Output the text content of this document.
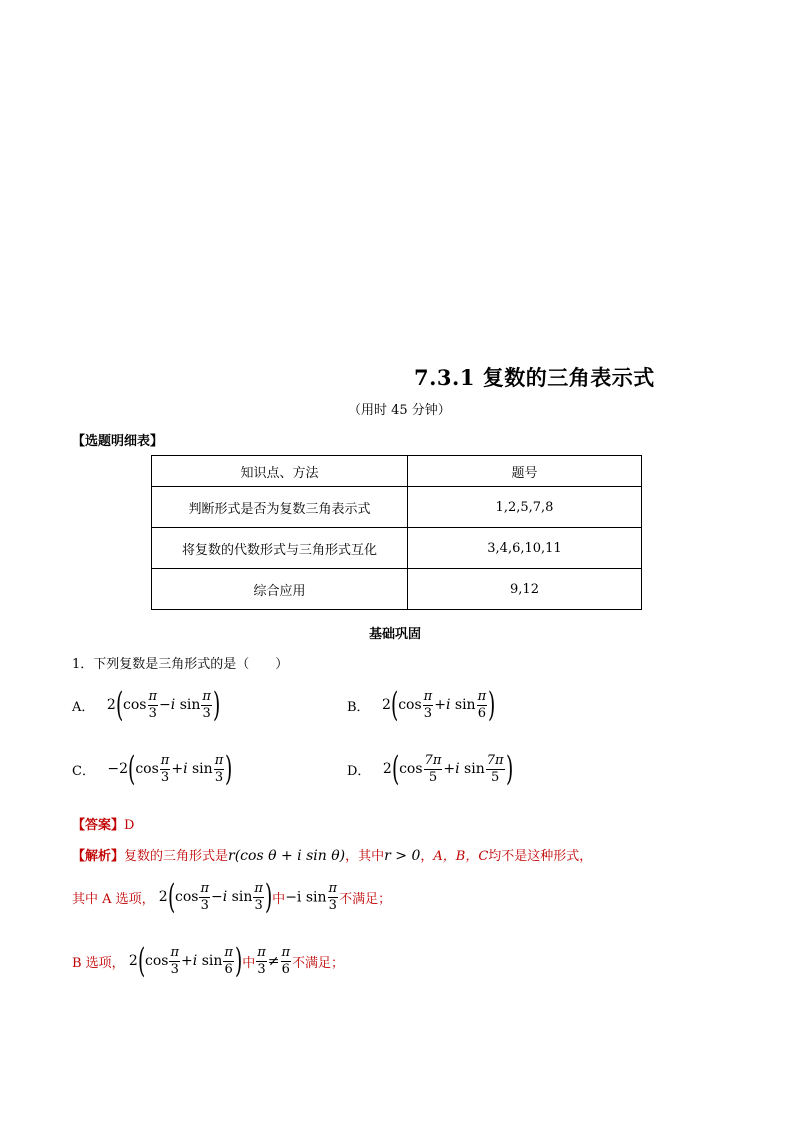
7.3.1 复数的三角表示式
（用时 45 分钟）
【选题明细表】
知识点、方法	题号
判断形式是否为复数三角表示式	1,2,5,7,8
将复数的代数形式与三角形式互化	3,4,6,10,11
综合应用	9,12
基础巩固
1．下列复数是三角形式的是（　　）
A． $2(\cos \frac{\pi}{3} -i$ $\sin \frac{\pi}{3}$ )	B． $2(\cos \frac{\pi}{3} +i$ $\sin \frac{\pi}{6}$ )
C． $-2(\cos \frac{\pi}{3} +i$ $\sin \frac{\pi}{3}$ )	D． $2(\cos \frac{7\pi}{5} +i$ $\sin \frac{7\pi}{5}$ )
【答案】D
【解析】复数的三角形式是r(cos θ + i sin θ)，其中r > 0，A，B，C均不是这种形式，
其中 A 选项， $2(\cos \frac{\pi}{3} -i$ $\sin \frac{\pi}{3}$ )中−i $\sin \frac{\pi}{3}$ 不满足；
B 选项， $2(\cos \frac{\pi}{3} +i$ $\sin \frac{\pi}{6}$ )中 $\frac{\pi}{3} \ne \frac{\pi}{6}$ 不满足；
